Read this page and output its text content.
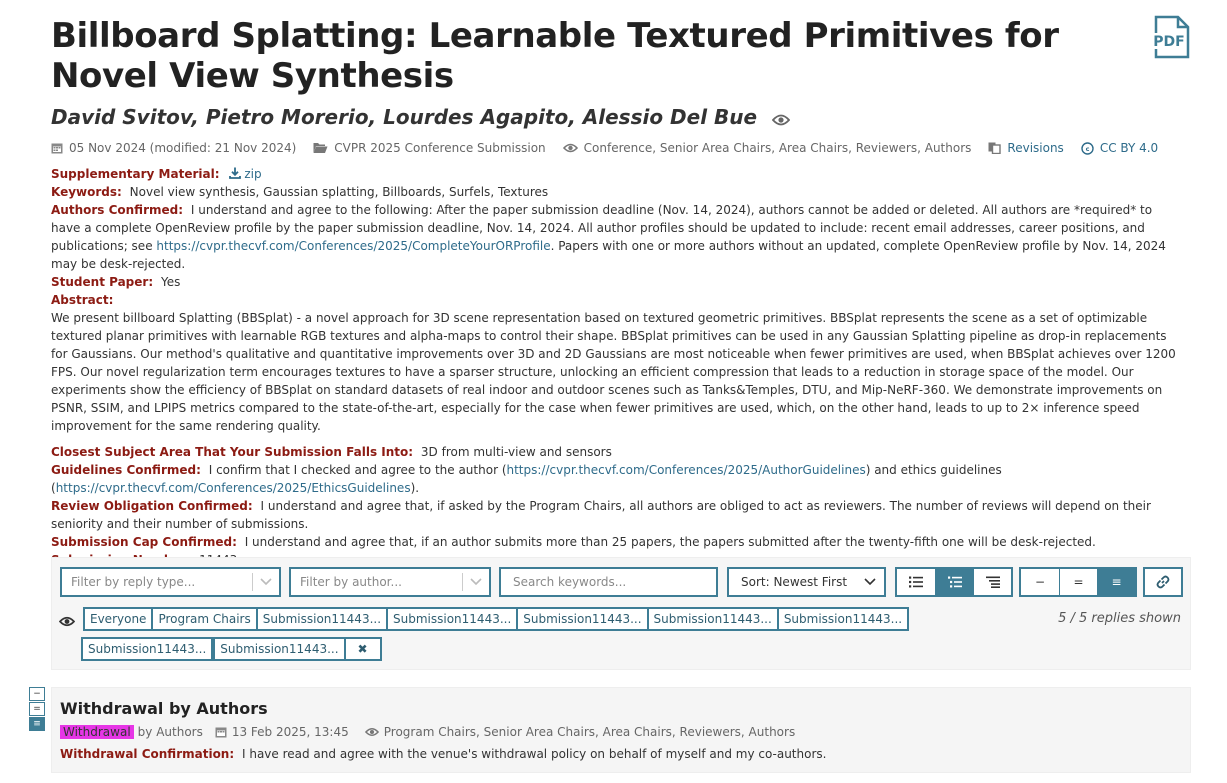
Billboard Splatting: Learnable Textured Primitives for Novel View Synthesis
PDF
David Svitov, Pietro Morerio, Lourdes Agapito, Alessio Del Bue
05 Nov 2024 (modified: 21 Nov 2024)	CVPR 2025 Conference Submission	Conference, Senior Area Chairs, Area Chairs, Reviewers, Authors	Revisions	c CC BY 4.0
Supplementary Material: zip
Keywords: Novel view synthesis, Gaussian splatting, Billboards, Surfels, Textures
Authors Confirmed: I understand and agree to the following: After the paper submission deadline (Nov. 14, 2024), authors cannot be added or deleted. All authors are *required* to have a complete OpenReview profile by the paper submission deadline, Nov. 14, 2024. All author profiles should be updated to include: recent email addresses, career positions, and publications; see https://cvpr.thecvf.com/Conferences/2025/CompleteYourORProfile. Papers with one or more authors without an updated, complete OpenReview profile by Nov. 14, 2024 may be desk-rejected.
Student Paper: Yes
Abstract:

We present billboard Splatting (BBSplat) - a novel approach for 3D scene representation based on textured geometric primitives. BBSplat represents the scene as a set of optimizable textured planar primitives with learnable RGB textures and alpha-maps to control their shape. BBSplat primitives can be used in any Gaussian Splatting pipeline as drop-in replacements for Gaussians. Our method's qualitative and quantitative improvements over 3D and 2D Gaussians are most noticeable when fewer primitives are used, when BBSplat achieves over 1200 FPS. Our novel regularization term encourages textures to have a sparser structure, unlocking an efficient compression that leads to a reduction in storage space of the model. Our experiments show the efficiency of BBSplat on standard datasets of real indoor and outdoor scenes such as Tanks&Temples, DTU, and Mip-NeRF-360. We demonstrate improvements on PSNR, SSIM, and LPIPS metrics compared to the state-of-the-art, especially for the case when fewer primitives are used, which, on the other hand, leads to up to 2× inference speed improvement for the same rendering quality.

Closest Subject Area That Your Submission Falls Into: 3D from multi-view and sensors
Guidelines Confirmed: I confirm that I checked and agree to the author (https://cvpr.thecvf.com/Conferences/2025/AuthorGuidelines) and ethics guidelines (https://cvpr.thecvf.com/Conferences/2025/EthicsGuidelines).
Review Obligation Confirmed: I understand and agree that, if asked by the Program Chairs, all authors are obliged to act as reviewers. The number of reviews will depend on their seniority and their number of submissions.
Submission Cap Confirmed: I understand and agree that, if an author submits more than 25 papers, the papers submitted after the twenty-fifth one will be desk-rejected.
Filter by reply type...	Filter by author...	Search keywords...	Sort: Newest First	−	=	≡
Everyone	Program Chairs	Submission11443...	Submission11443...	Submission11443...	Submission11443...	Submission11443...
Submission11443...	Submission11443...	✖
5 / 5 replies shown
−
=
≡
Withdrawal by Authors
Withdrawal by Authors 13 Feb 2025, 13:45	Program Chairs, Senior Area Chairs, Area Chairs, Reviewers, Authors
Withdrawal Confirmation: I have read and agree with the venue's withdrawal policy on behalf of myself and my co-authors.
